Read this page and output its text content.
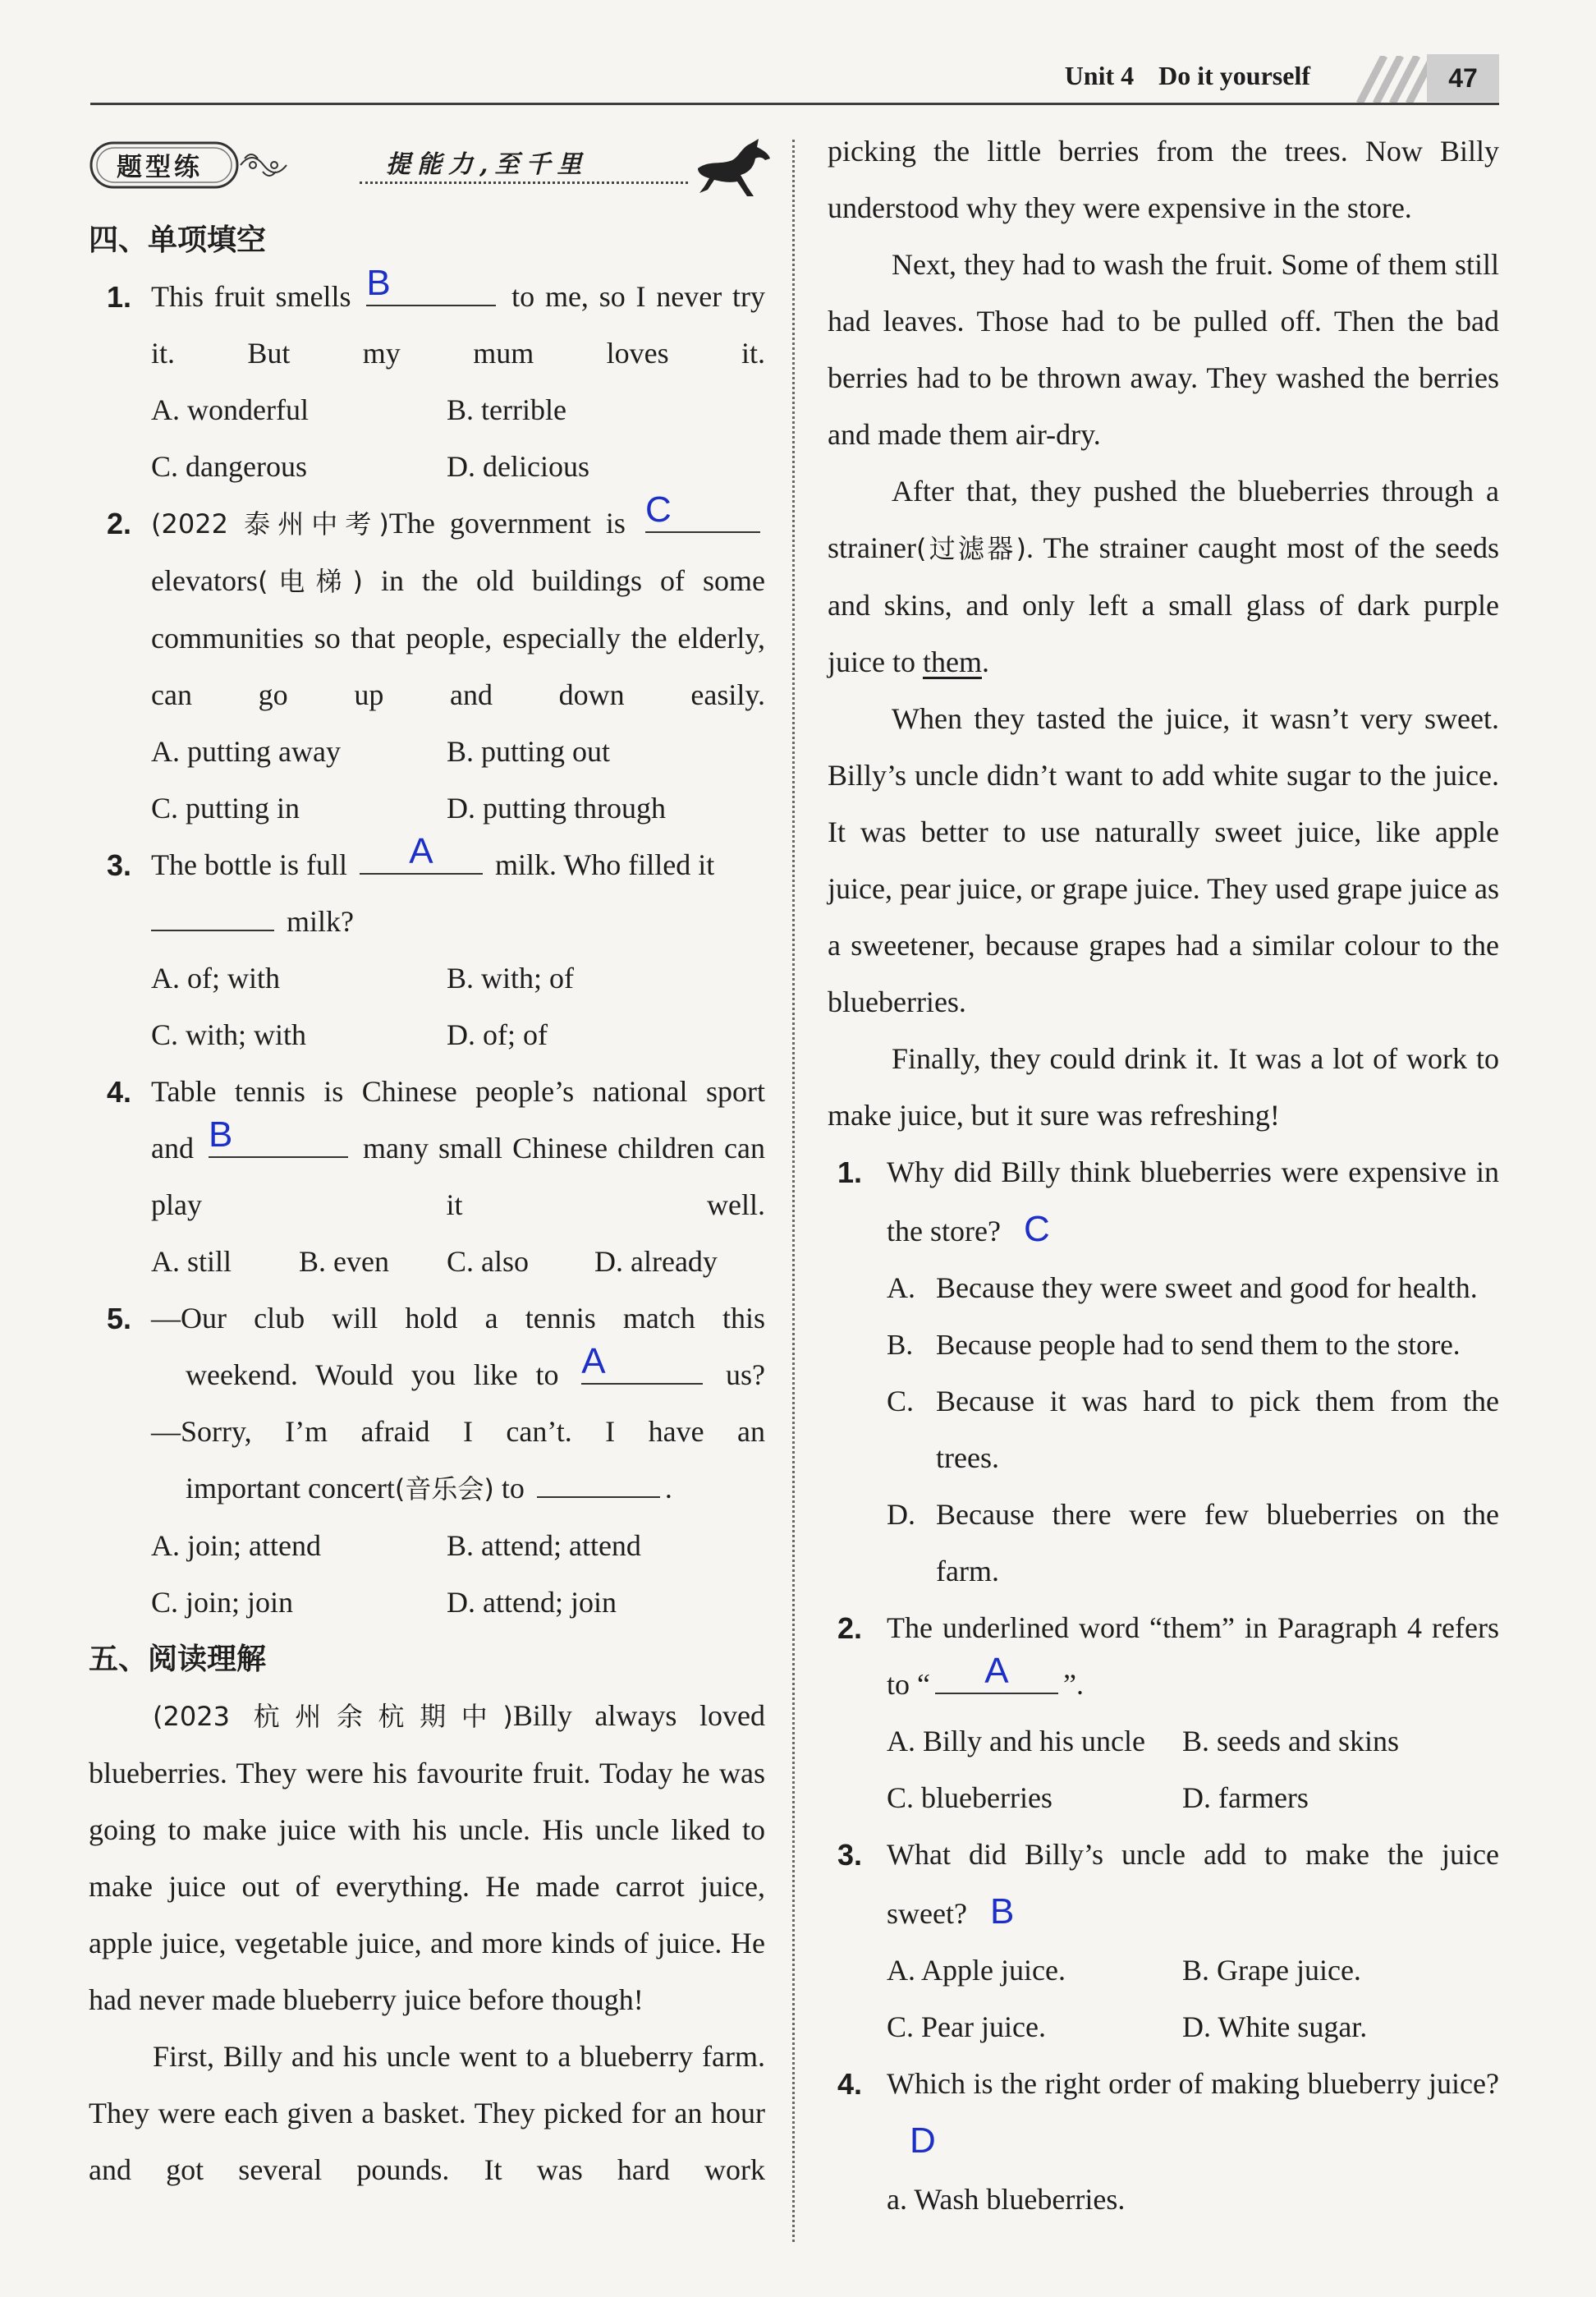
Unit 4 Do it yourself	47
题型练	提能力,至千里
四、单项填空
1. This fruit smells B	to me, so I never try it. But my mum loves it.
A. wonderful	B. terrible
C. dangerous	D. delicious
2. (2022 泰州中考)The government is C
elevators(电梯) in the old buildings of some communities so that people, especially the elderly, can go up and down easily.
A. putting away	B. putting out
C. putting in	D. putting through
3. The bottle is full	A	milk. Who filled it
milk?
A. of; with	B. with; of
C. with; with	D. of; of
4. Table tennis is Chinese people’s national sport
and B	many small Chinese children can play it well.
A. still	B. even	C. also	D. already
5. —Our club will hold a tennis match this
weekend. Would you like to A	us?
—Sorry, I’m afraid I can’t. I have an
important concert(音乐会) to	.
A. join; attend	B. attend; attend
C. join; join	D. attend; join
五、阅读理解
(2023 杭州余杭期中)Billy always loved blueberries. They were his favourite fruit. Today he was going to make juice with his uncle. His uncle liked to make juice out of everything. He made carrot juice, apple juice, vegetable juice, and more kinds of juice. He had never made blueberry juice before though!
First, Billy and his uncle went to a blueberry farm. They were each given a basket. They picked for an hour and got several pounds. It was hard work
picking the little berries from the trees. Now Billy understood why they were expensive in the store.
Next, they had to wash the fruit. Some of them still had leaves. Those had to be pulled off. Then the bad berries had to be thrown away. They washed the berries and made them air-dry.
After that, they pushed the blueberries through a strainer(过滤器). The strainer caught most of the seeds and skins, and only left a small glass of dark purple juice to them.
When they tasted the juice, it wasn’t very sweet. Billy’s uncle didn’t want to add white sugar to the juice. It was better to use naturally sweet juice, like apple juice, pear juice, or grape juice. They used grape juice as a sweetener, because grapes had a similar colour to the blueberries.
Finally, they could drink it. It was a lot of work to make juice, but it sure was refreshing!
1. Why did Billy think blueberries were expensive in the store? C
A. Because they were sweet and good for health.
B. Because people had to send them to the store.
C. Because it was hard to pick them from the trees.
D. Because there were few blueberries on the farm.
2. The underlined word “them” in Paragraph 4 refers to “	A	”.
A. Billy and his uncle	B. seeds and skins
C. blueberries	D. farmers
3. What did Billy’s uncle add to make the juice sweet? B
A. Apple juice.	B. Grape juice.
C. Pear juice.	D. White sugar.
4. Which is the right order of making blueberry juice?D
a. Wash blueberries.
